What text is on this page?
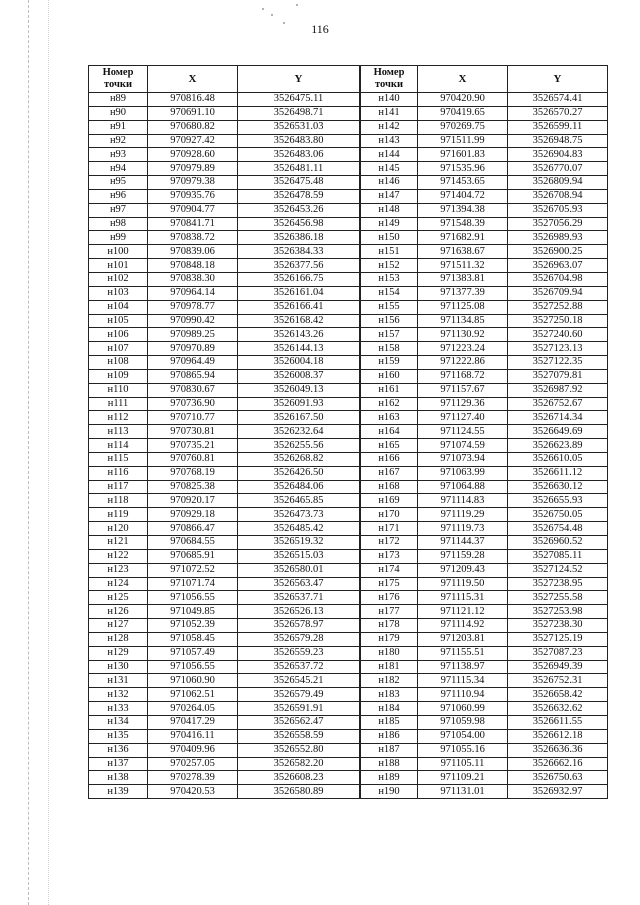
116
Номер
точки	X	Y
н89	970816.48	3526475.11
н90	970691.10	3526498.71
н91	970680.82	3526531.03
н92	970927.42	3526483.80
н93	970928.60	3526483.06
н94	970979.89	3526481.11
н95	970979.38	3526475.48
н96	970935.76	3526478.59
н97	970904.77	3526453.26
н98	970841.71	3526456.98
н99	970838.72	3526386.18
н100	970839.06	3526384.33
н101	970848.18	3526377.56
н102	970838.30	3526166.75
н103	970964.14	3526161.04
н104	970978.77	3526166.41
н105	970990.42	3526168.42
н106	970989.25	3526143.26
н107	970970.89	3526144.13
н108	970964.49	3526004.18
н109	970865.94	3526008.37
н110	970830.67	3526049.13
н111	970736.90	3526091.93
н112	970710.77	3526167.50
н113	970730.81	3526232.64
н114	970735.21	3526255.56
н115	970760.81	3526268.82
н116	970768.19	3526426.50
н117	970825.38	3526484.06
н118	970920.17	3526465.85
н119	970929.18	3526473.73
н120	970866.47	3526485.42
н121	970684.55	3526519.32
н122	970685.91	3526515.03
н123	971072.52	3526580.01
н124	971071.74	3526563.47
н125	971056.55	3526537.71
н126	971049.85	3526526.13
н127	971052.39	3526578.97
н128	971058.45	3526579.28
н129	971057.49	3526559.23
н130	971056.55	3526537.72
н131	971060.90	3526545.21
н132	971062.51	3526579.49
н133	970264.05	3526591.91
н134	970417.29	3526562.47
н135	970416.11	3526558.59
н136	970409.96	3526552.80
н137	970257.05	3526582.20
н138	970278.39	3526608.23
н139	970420.53	3526580.89
Номер
точки	X	Y
н140	970420.90	3526574.41
н141	970419.65	3526570.27
н142	970269.75	3526599.11
н143	971511.99	3526948.75
н144	971601.83	3526904.83
н145	971535.96	3526770.07
н146	971453.65	3526809.94
н147	971404.72	3526708.94
н148	971394.38	3526705.93
н149	971548.39	3527056.29
н150	971682.91	3526989.93
н151	971638.67	3526900.25
н152	971511.32	3526963.07
н153	971383.81	3526704.98
н154	971377.39	3526709.94
н155	971125.08	3527252.88
н156	971134.85	3527250.18
н157	971130.92	3527240.60
н158	971223.24	3527123.13
н159	971222.86	3527122.35
н160	971168.72	3527079.81
н161	971157.67	3526987.92
н162	971129.36	3526752.67
н163	971127.40	3526714.34
н164	971124.55	3526649.69
н165	971074.59	3526623.89
н166	971073.94	3526610.05
н167	971063.99	3526611.12
н168	971064.88	3526630.12
н169	971114.83	3526655.93
н170	971119.29	3526750.05
н171	971119.73	3526754.48
н172	971144.37	3526960.52
н173	971159.28	3527085.11
н174	971209.43	3527124.52
н175	971119.50	3527238.95
н176	971115.31	3527255.58
н177	971121.12	3527253.98
н178	971114.92	3527238.30
н179	971203.81	3527125.19
н180	971155.51	3527087.23
н181	971138.97	3526949.39
н182	971115.34	3526752.31
н183	971110.94	3526658.42
н184	971060.99	3526632.62
н185	971059.98	3526611.55
н186	971054.00	3526612.18
н187	971055.16	3526636.36
н188	971105.11	3526662.16
н189	971109.21	3526750.63
н190	971131.01	3526932.97
